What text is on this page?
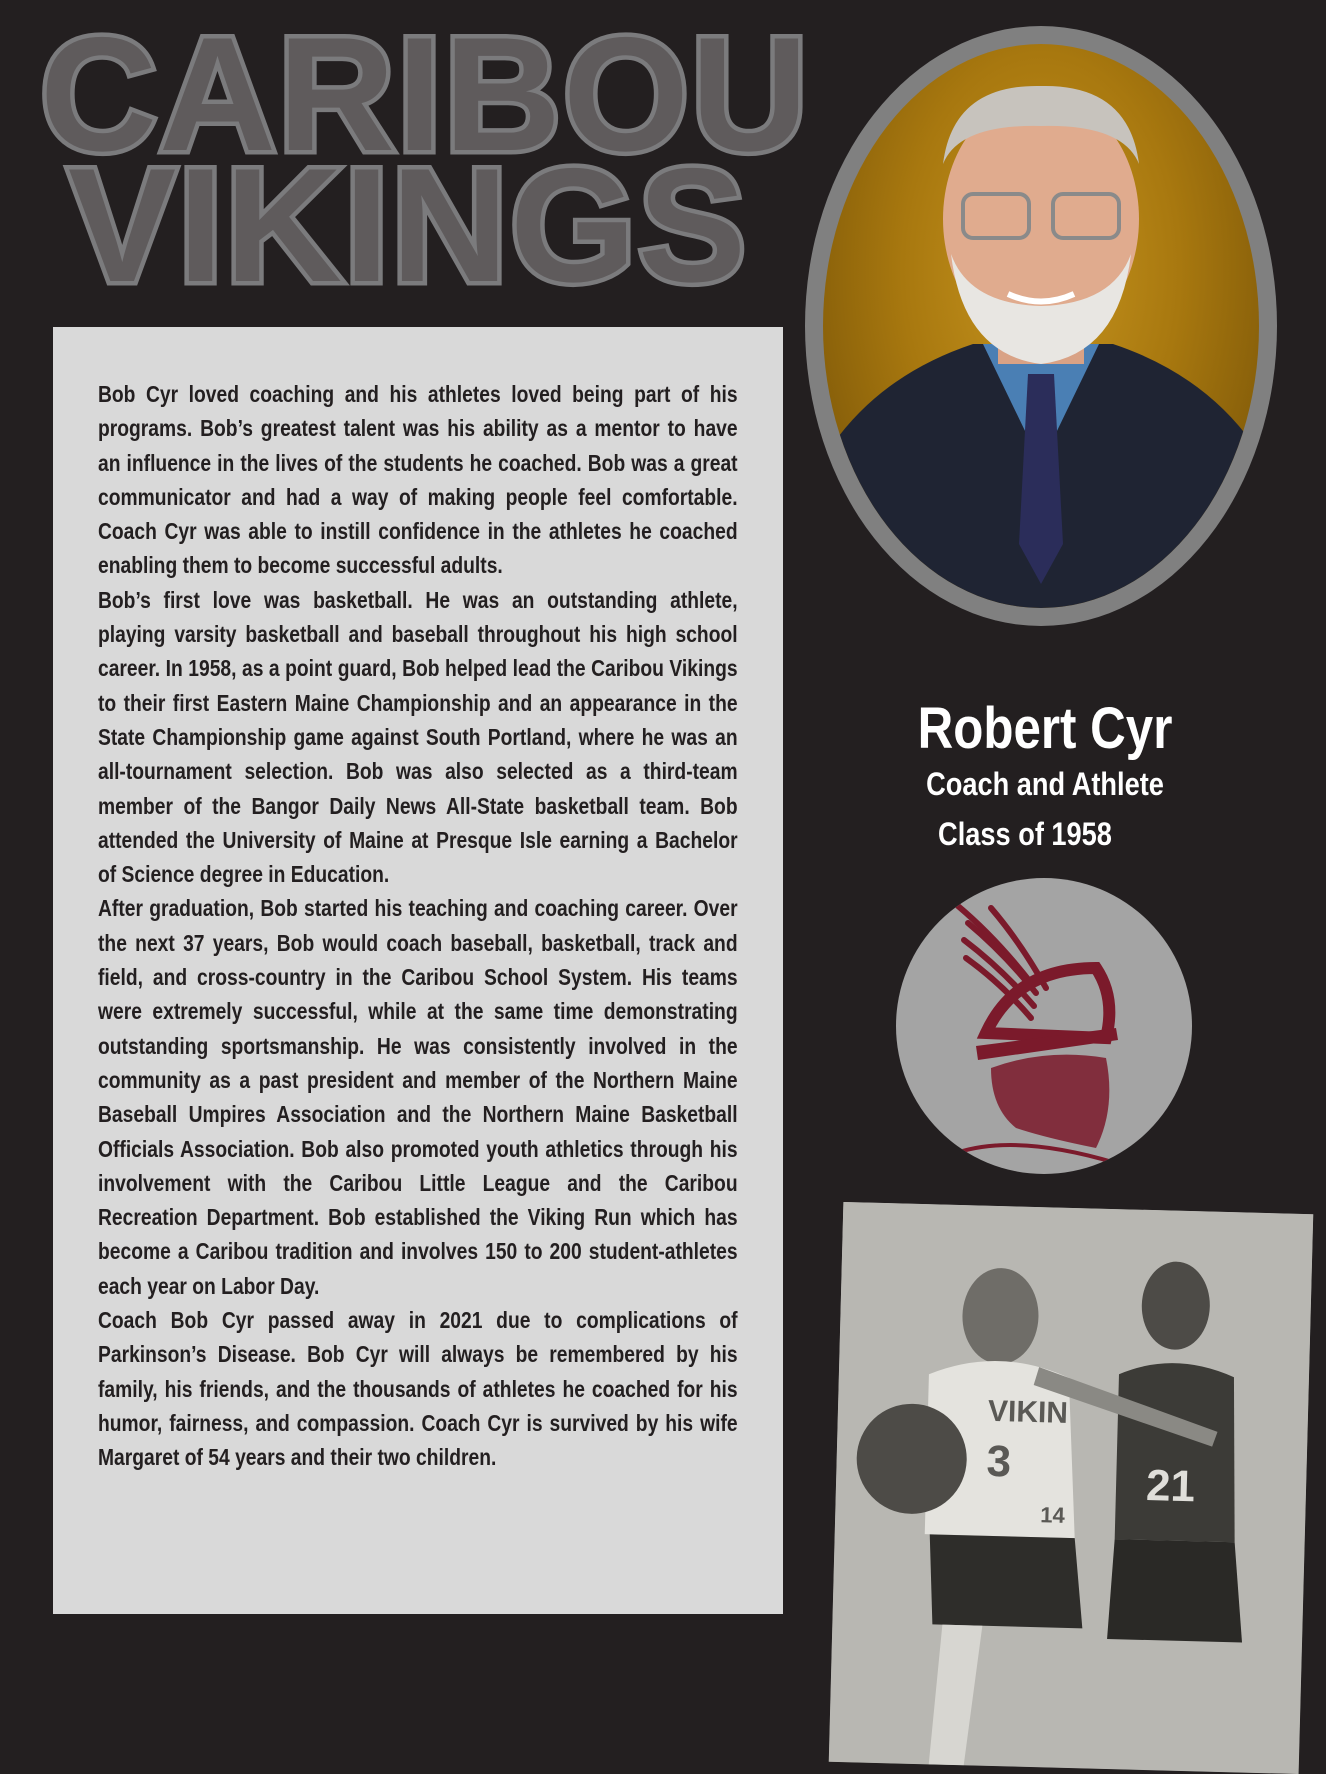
CARIBOU
VIKINGS

Bob Cyr loved coaching and his athletes loved being part of his programs. Bob’s greatest talent was his ability as a mentor to have an influence in the lives of the students he coached. Bob was a great communicator and had a way of making people feel comfortable. Coach Cyr was able to instill confidence in the athletes he coached enabling them to become successful adults.

Bob’s first love was basketball. He was an outstanding athlete, playing varsity basketball and baseball throughout his high school career. In 1958, as a point guard, Bob helped lead the Caribou Vikings to their first Eastern Maine Championship and an appearance in the State Championship game against South Portland, where he was an all-tournament selection. Bob was also selected as a third-team member of the Bangor Daily News All-State basketball team. Bob attended the University of Maine at Presque Isle earning a Bachelor of Science degree in Education.

After graduation, Bob started his teaching and coaching career. Over the next 37 years, Bob would coach baseball, basketball, track and field, and cross-country in the Caribou School System. His teams were extremely successful, while at the same time demonstrating outstanding sportsmanship. He was consistently involved in the community as a past president and member of the Northern Maine Baseball Umpires Association and the Northern Maine Basketball Officials Association. Bob also promoted youth athletics through his involvement with the Caribou Little League and the Caribou Recreation Department. Bob established the Viking Run which has become a Caribou tradition and involves 150 to 200 student-athletes each year on Labor Day.

Coach Bob Cyr passed away in 2021 due to complications of Parkinson’s Disease. Bob Cyr will always be remembered by his family, his friends, and the thousands of athletes he coached for his humor, fairness, and compassion. Coach Cyr is survived by his wife Margaret of 54 years and their two children.

Robert Cyr
Coach and Athlete
Class of 1958
VIKIN
3
14
21
